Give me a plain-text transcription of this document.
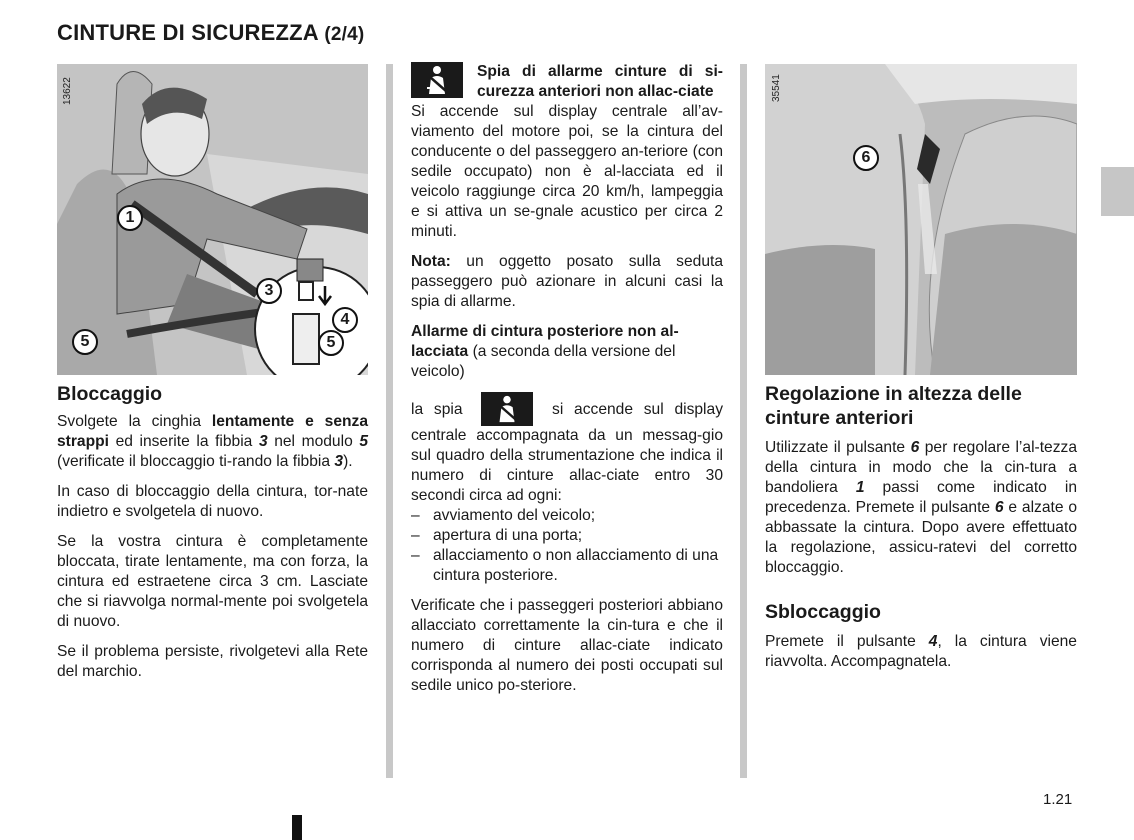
CINTURE DI SICUREZZA (2/4)
1
3
4
5	5
13622
Bloccaggio

Svolgete la cinghia lentamente e senza strappi ed inserite la fibbia 3 nel modulo 5 (verificate il bloccaggio ti-rando la fibbia 3).

In caso di bloccaggio della cintura, tor-nate indietro e svolgetela di nuovo.

Se la vostra cintura è completamente bloccata, tirate lentamente, ma con forza, la cintura ed estraetene circa 3 cm. Lasciate che si riavvolga normal-mente poi svolgetela di nuovo.

Se il problema persiste, rivolgetevi alla Rete del marchio.

Spia di allarme cinture di si-curezza anteriori non allac-ciate

Si accende sul display centrale all’av-viamento del motore poi, se la cintura del conducente o del passeggero an-teriore (con sedile occupato) non è al-lacciata ed il veicolo raggiunge circa 20 km/h, lampeggia e si attiva un se-gnale acustico per circa 2 minuti.

Nota: un oggetto posato sulla seduta passeggero può azionare in alcuni casi la spia di allarme.

Allarme di cintura posteriore non al-lacciata (a seconda della versione del veicolo)

la spia	si accende sul display centrale accompagnata da un messag-gio sul quadro della strumentazione che indica il numero di cinture allac-ciate entro 30 secondi circa ad ogni:

– avviamento del veicolo;
– apertura di una porta;
– allacciamento o non allacciamento di una cintura posteriore.

Verificate che i passeggeri posteriori abbiano allacciato correttamente la cin-tura e che il numero di cinture allac-ciate indicato corrisponda al numero dei posti occupati sul sedile unico po-steriore.

6
35541
Regolazione in altezza delle cinture anteriori

Utilizzate il pulsante 6 per regolare l’al-tezza della cintura in modo che la cin-tura a bandoliera 1 passi come indicato in precedenza. Premete il pulsante 6 e alzate o abbassate la cintura. Dopo avere effettuato la regolazione, assicu-ratevi del corretto bloccaggio.

Sbloccaggio

Premete il pulsante 4, la cintura viene riavvolta. Accompagnatela.

1.21
